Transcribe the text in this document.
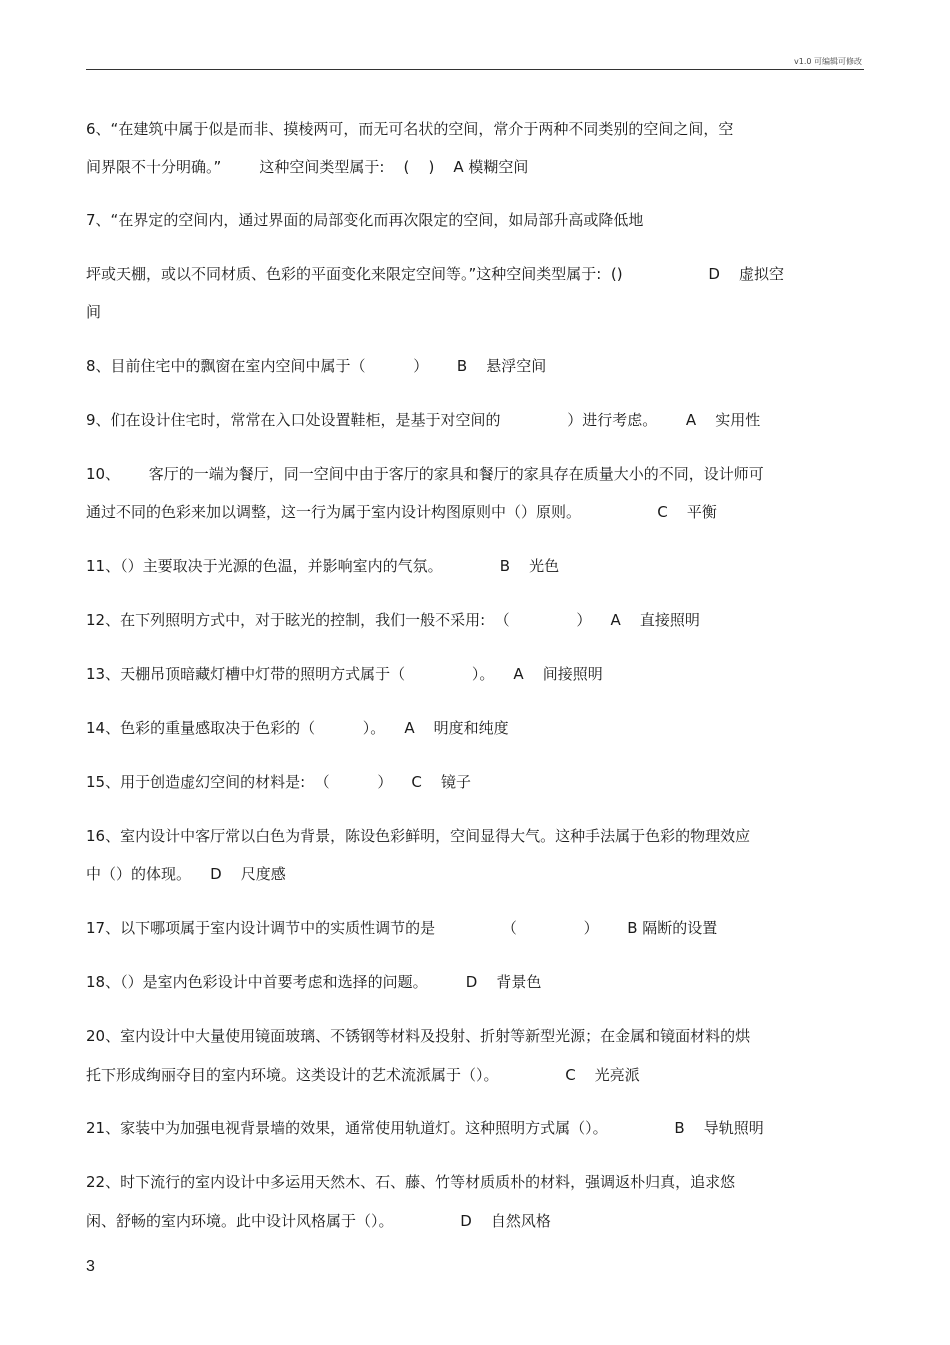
v1.0 可编辑可修改
6、“在建筑中属于似是而非、摸棱两可，而无可名状的空间，常介于两种不同类别的空间之间，空
间界限不十分明确。”        这种空间类型属于:    (    )    A 模糊空间
7、“在界定的空间内，通过界面的局部变化而再次限定的空间，如局部升高或降低地
坪或天棚，或以不同材质、色彩的平面变化来限定空间等。”这种空间类型属于:  ()                  D    虚拟空
间
8、目前住宅中的飘窗在室内空间中属于（          ）      B    悬浮空间
9、们在设计住宅时，常常在入口处设置鞋柜，是基于对空间的              ）进行考虑。      A    实用性
10、      客厅的一端为餐厅，同一空间中由于客厅的家具和餐厅的家具存在质量大小的不同，设计师可
通过不同的色彩来加以调整，这一行为属于室内设计构图原则中（）原则。                C    平衡
11、（）主要取决于光源的色温，并影响室内的气氛。            B    光色
12、在下列照明方式中，对于眩光的控制，我们一般不采用:  （              ）    A    直接照明
13、天棚吊顶暗藏灯槽中灯带的照明方式属于（              ）。    A    间接照明
14、色彩的重量感取决于色彩的（          ）。    A    明度和纯度
15、用于创造虚幻空间的材料是:  （          ）    C    镜子
16、室内设计中客厅常以白色为背景，陈设色彩鲜明，空间显得大气。这种手法属于色彩的物理效应
中（）的体现。    D    尺度感
17、以下哪项属于室内设计调节中的实质性调节的是              （              ）      B 隔断的设置
18、（）是室内色彩设计中首要考虑和选择的问题。        D    背景色
20、室内设计中大量使用镜面玻璃、不锈钢等材料及投射、折射等新型光源；在金属和镜面材料的烘
托下形成绚丽夺目的室内环境。这类设计的艺术流派属于（）。              C    光亮派
21、家装中为加强电视背景墙的效果，通常使用轨道灯。这种照明方式属（）。              B    导轨照明
22、时下流行的室内设计中多运用天然木、石、藤、竹等材质质朴的材料，强调返朴归真，追求悠
闲、舒畅的室内环境。此中设计风格属于（）。              D    自然风格
3
